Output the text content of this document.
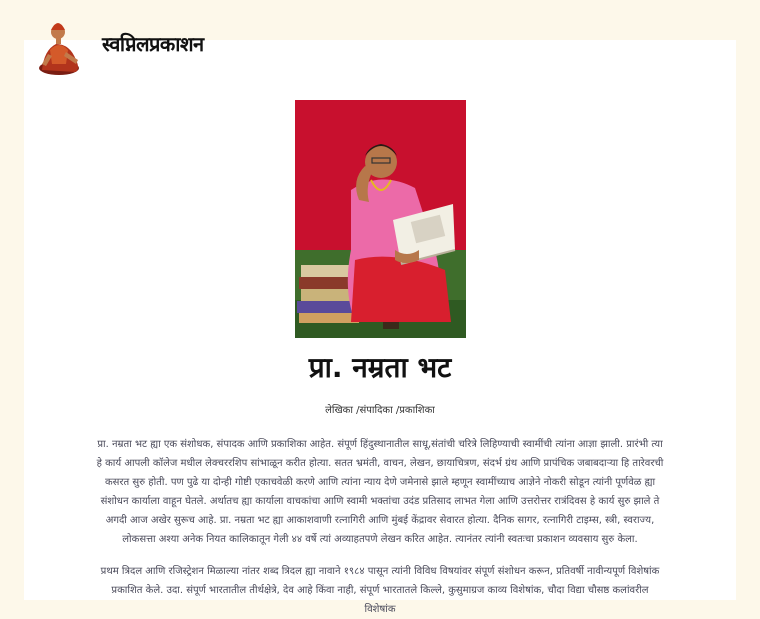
स्वप्निलप्रकाशन
प्रा. नम्रता भट
लेखिका /संपादिका /प्रकाशिका

प्रा. नम्रता भट ह्या एक संशोधक, संपादक आणि प्रकाशिका आहेत. संपूर्ण हिंदुस्थानातील साधू,संतांची चरित्रे लिहिण्याची स्वामींची त्यांना आज्ञा झाली. प्रारंभी त्या हे कार्य आपली कॉलेज मधील लेक्चररशिप सांभाळून करीत होत्या. सतत भ्रमंती, वाचन, लेखन, छायाचित्रण, संदर्भ ग्रंथ आणि प्रापंचिक जबाबदाऱ्या हि तारेवरची कसरत सुरु होती. पण पुढे या दोन्ही गोष्टी एकाचवेळी करणे आणि त्यांना न्याय देणे जमेनासे झाले म्हणून स्वामींच्याच आज्ञेने नोकरी सोडून त्यांनी पूर्णवेळ ह्या संशोधन कार्याला वाहून घेतले. अर्थातच ह्या कार्याला वाचकांचा आणि स्वामी भक्तांचा उदंड प्रतिसाद लाभत गेला आणि उत्तरोत्तर रात्रंदिवस हे कार्य सुरु झाले ते अगदी आज अखेर सुरूच आहे. प्रा. नम्रता भट ह्या आकाशवाणी रत्नागिरी आणि मुंबई केंद्रावर सेवारत होत्या. दैनिक सागर, रत्नागिरी टाइम्स, स्त्री, स्वराज्य, लोकसत्ता अश्या अनेक नियत कालिकातून गेली ४४ वर्षे त्यां अव्याहतपणे लेखन करित आहेत. त्यानंतर त्यांनी स्वतःचा प्रकाशन व्यवसाय सुरु केला.

प्रथम त्रिदल आणि रजिस्ट्रेशन मिळाल्या नांतर शब्द त्रिदल ह्या नावाने १९८४ पासून त्यांनी विविध विषयांवर संपूर्ण संशोधन करून, प्रतिवर्षी नावीन्यपूर्ण विशेषांक प्रकाशित केले. उदा. संपूर्ण भारतातील तीर्थक्षेत्रे, देव आहे किंवा नाही, संपूर्ण भारतातले किल्ले, कुसुमाग्रज काव्य विशेषांक, चौदा विद्या चौसष्ठ कलांवरील विशेषांक
